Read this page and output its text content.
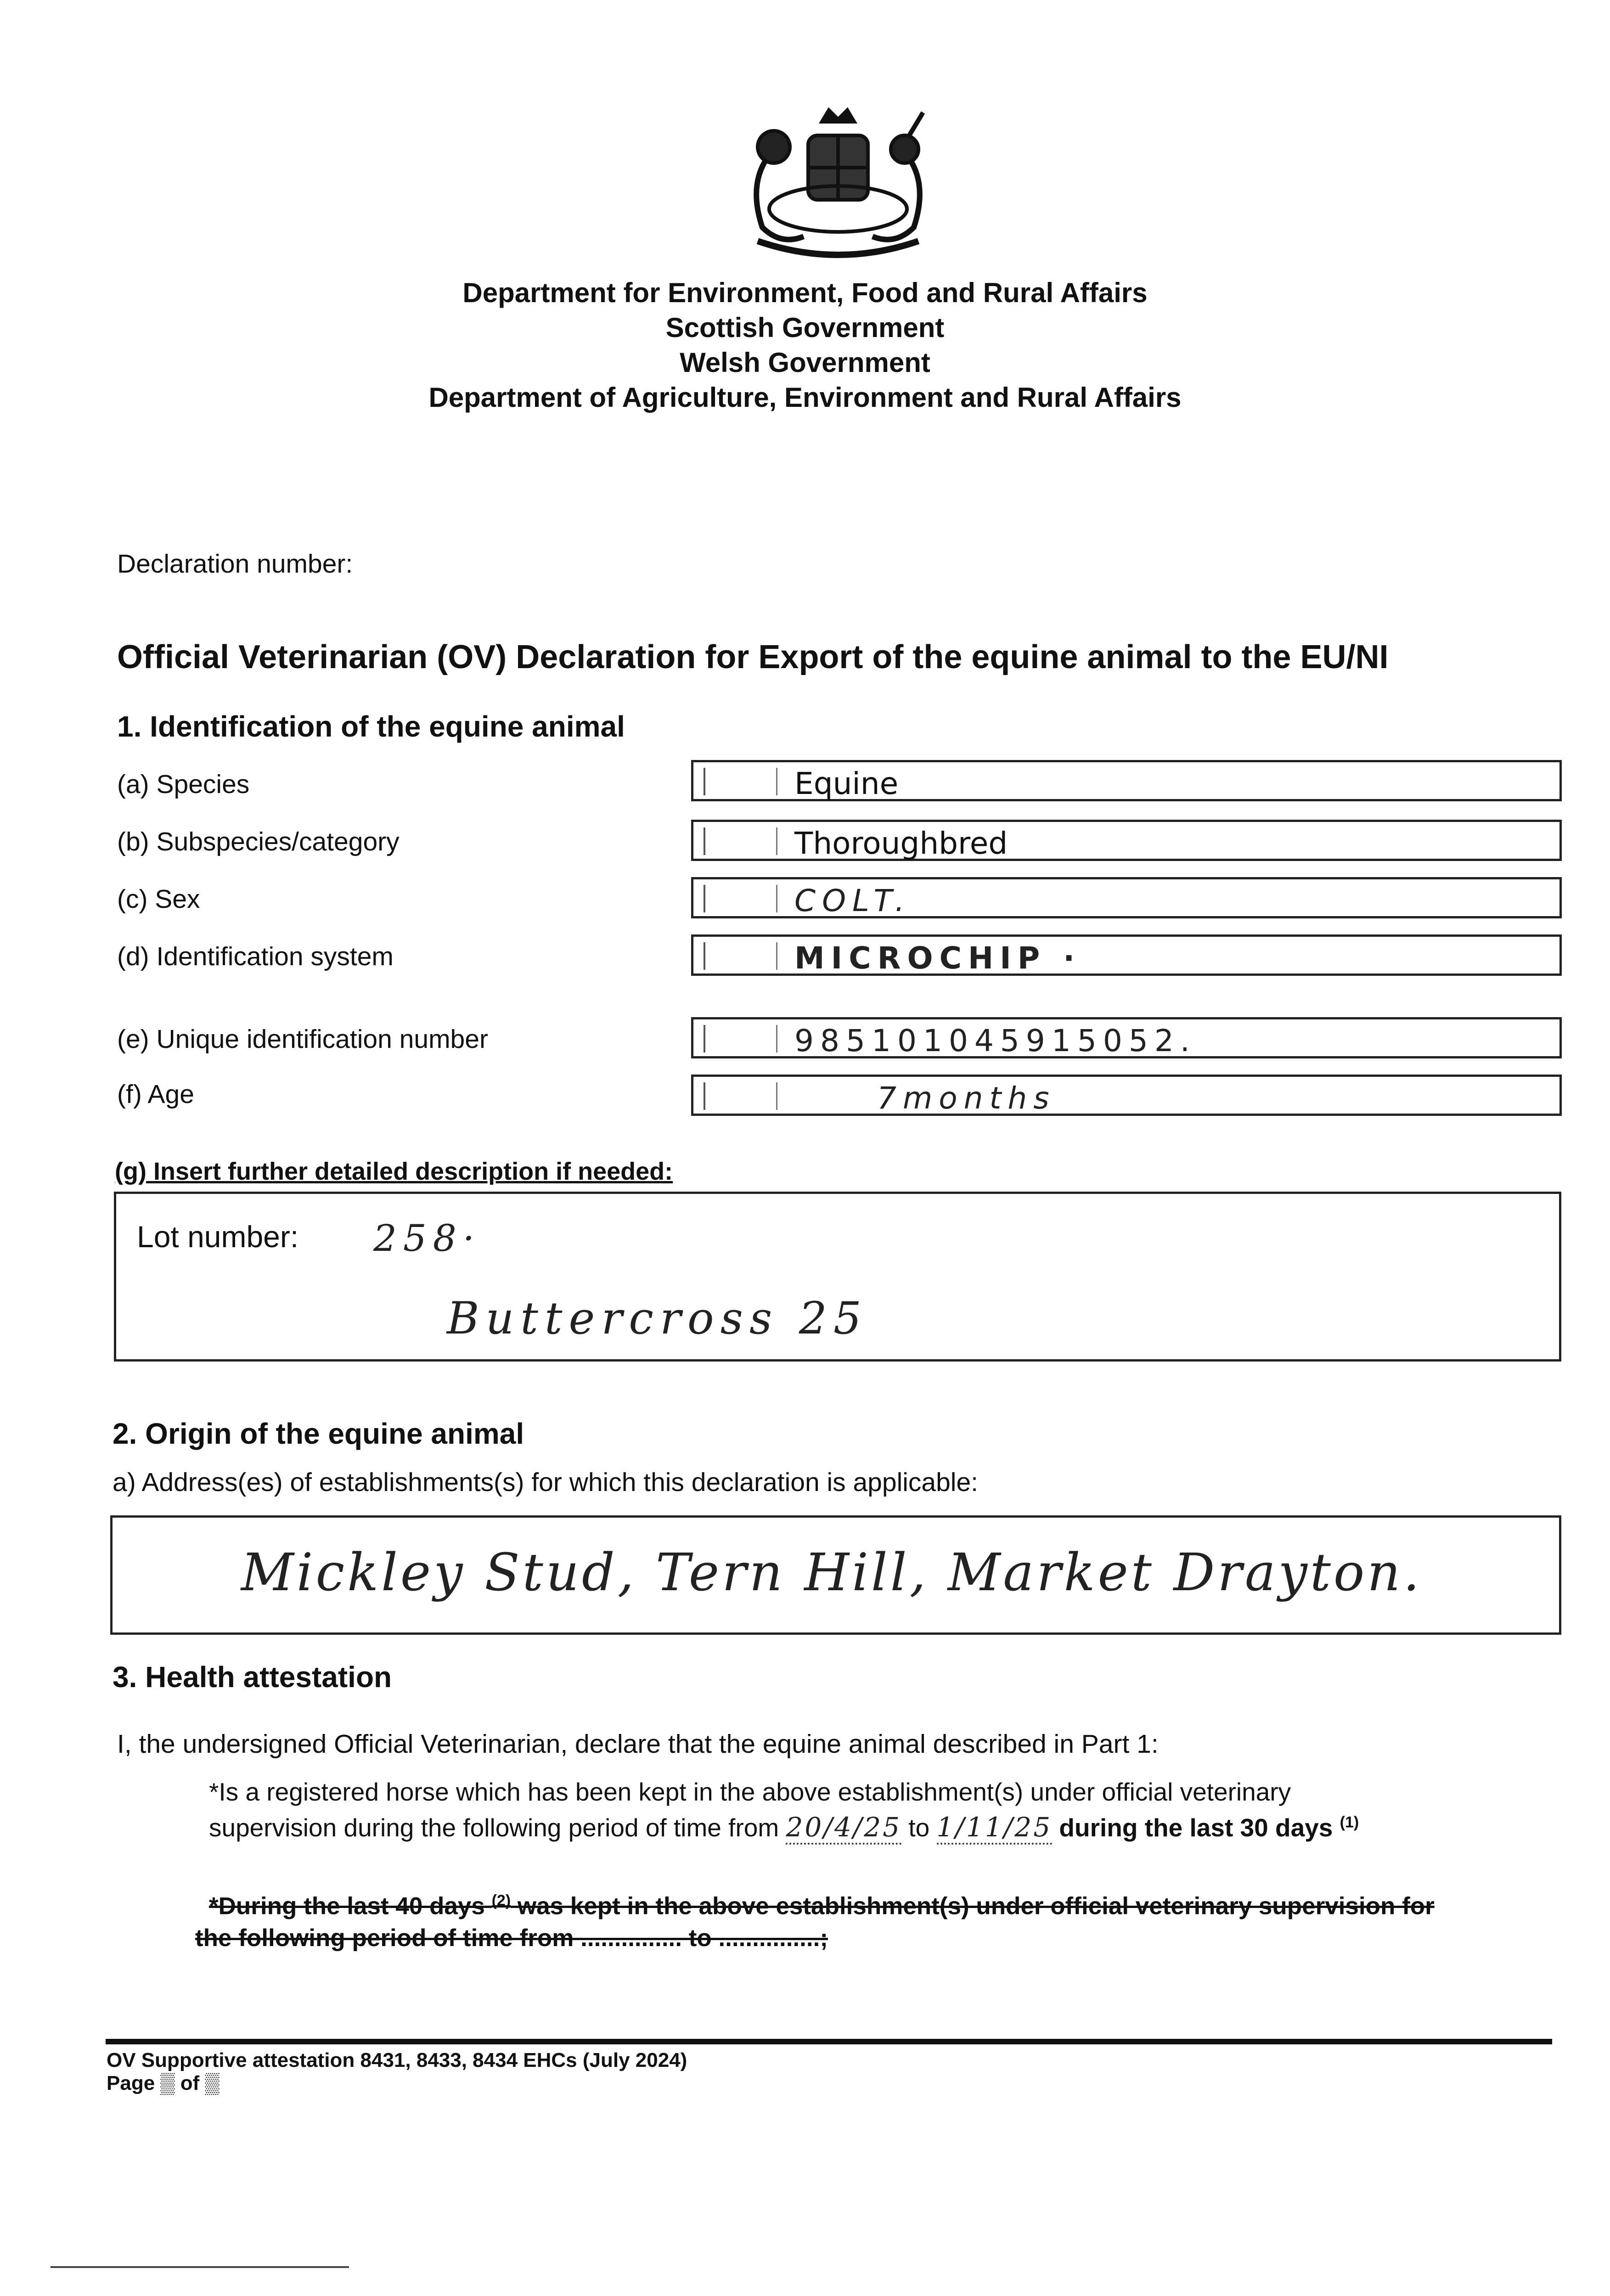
Department for Environment, Food and Rural Affairs
Scottish Government
Welsh Government
Department of Agriculture, Environment and Rural Affairs
Declaration number:
Official Veterinarian (OV) Declaration for Export of the equine animal to the EU/NI
1. Identification of the equine animal
(a) Species	Equine
(b) Subspecies/category	Thoroughbred
(c) Sex	COLT.
(d) Identification system	MICROCHIP ·
(e) Unique identification number	985101045915052.
(f) Age	7months
(g) Insert further detailed description if needed:
Lot number: 258·
Buttercross 25
2. Origin of the equine animal
a) Address(es) of establishments(s) for which this declaration is applicable:
Mickley Stud, Tern Hill, Market Drayton.
3. Health attestation
I, the undersigned Official Veterinarian, declare that the equine animal described in Part 1:
*Is a registered horse which has been kept in the above establishment(s) under official veterinary
supervision during the following period of time from 20/4/25 to 1/11/25 during the last 30 days $^{(1)}$
*During the last 40 days $^{(2)}$ was kept in the above establishment(s) under official veterinary supervision for
the following period of time from ............... to ...............;
OV Supportive attestation 8431, 8433, 8434 EHCs (July 2024)
Page ▒ of ▒
